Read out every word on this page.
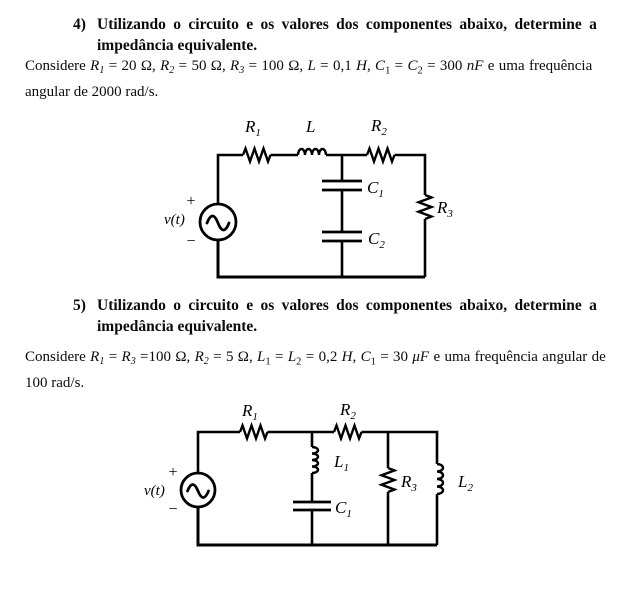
4) Utilizando o circuito e os valores dos componentes abaixo, determine a
impedância equivalente.
Considere $R_1 = 20$ Ω, $R_2 = 50$ Ω, $R_3 = 100$ Ω, L = 0,1 H, $C_1 = C_2 = 300$ nF e uma frequência
angular de 2000 rad/s.
5) Utilizando o circuito e os valores dos componentes abaixo, determine a
impedância equivalente.
Considere $R_1 = R_3 =100$ Ω, $R_2 = 5$ Ω, $L_1 = L_2 = 0,2$ H, $C_1 = 30$ μF e uma frequência angular de
100 rad/s.
$R_1$	L	$R_2$
$C_1$
$C_2$
$R_3$
v(t)
+
−
$R_1$	$R_2$
$L_1$
$C_1$
$R_3$ $L_2$
v(t)
+
−
